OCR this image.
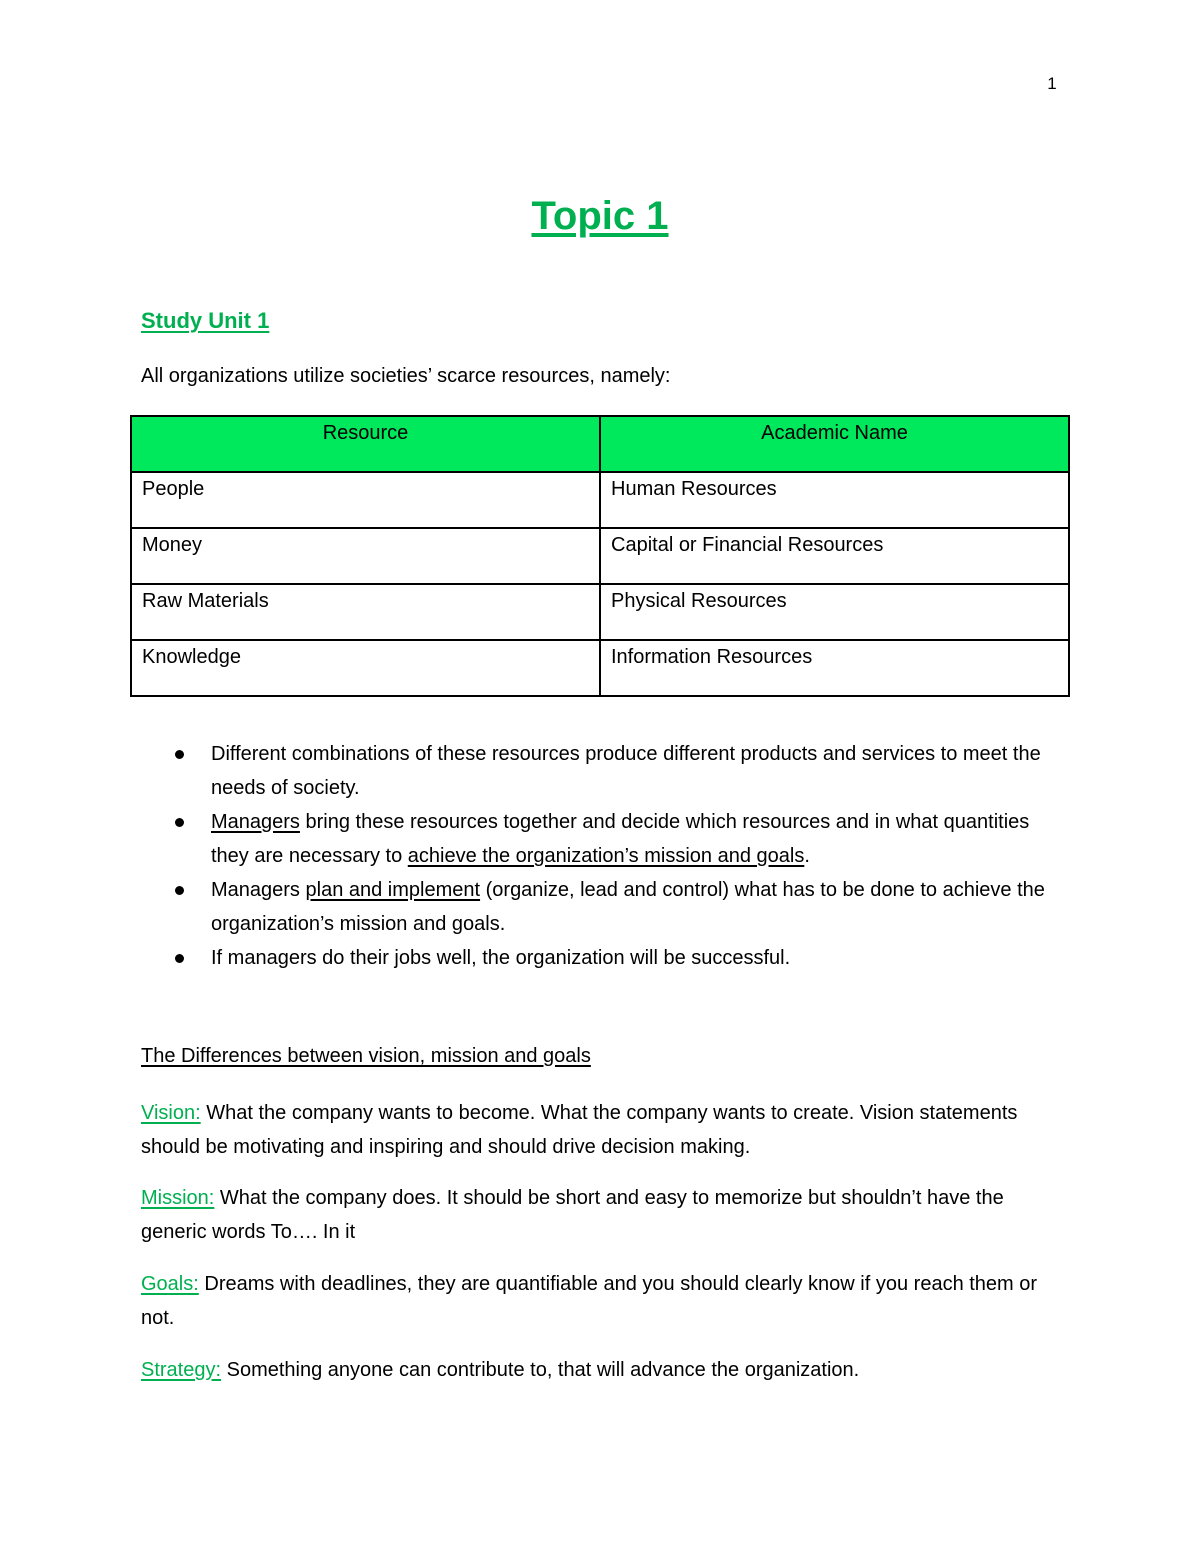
1
Topic 1
Study Unit 1
All organizations utilize societies’ scarce resources, namely:
Resource	Academic Name
People	Human Resources
Money	Capital or Financial Resources
Raw Materials	Physical Resources
Knowledge	Information Resources
Different combinations of these resources produce different products and services to meet the needs of society.
Managers bring these resources together and decide which resources and in what quantities they are necessary to achieve the organization’s mission and goals.
Managers plan and implement (organize, lead and control) what has to be done to achieve the organization’s mission and goals.
If managers do their jobs well, the organization will be successful.
The Differences between vision, mission and goals

Vision: What the company wants to become. What the company wants to create. Vision statements should be motivating and inspiring and should drive decision making.

Mission: What the company does. It should be short and easy to memorize but shouldn’t have the generic words To…. In it

Goals: Dreams with deadlines, they are quantifiable and you should clearly know if you reach them or not.

Strategy: Something anyone can contribute to, that will advance the organization.
